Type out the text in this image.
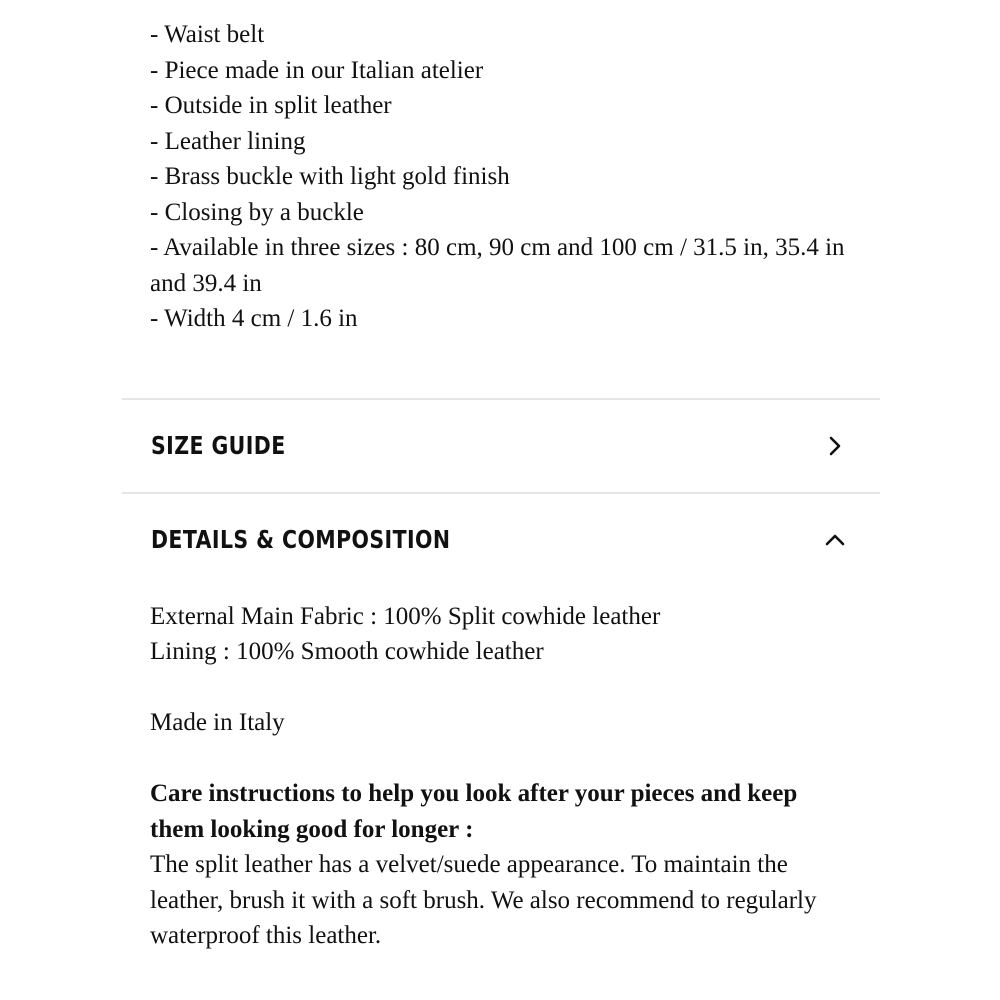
- Waist belt
- Piece made in our Italian atelier
- Outside in split leather
- Leather lining
- Brass buckle with light gold finish
- Closing by a buckle
- Available in three sizes : 80 cm, 90 cm and 100 cm / 31.5 in, 35.4 in and 39.4 in
- Width 4 cm / 1.6 in
SIZE GUIDE
DETAILS & COMPOSITION

External Main Fabric : 100% Split cowhide leather

Lining : 100% Smooth cowhide leather

Made in Italy

Care instructions to help you look after your pieces and keep them looking good for longer :

The split leather has a velvet/suede appearance. To maintain the leather, brush it with a soft brush. We also recommend to regularly waterproof this leather.
